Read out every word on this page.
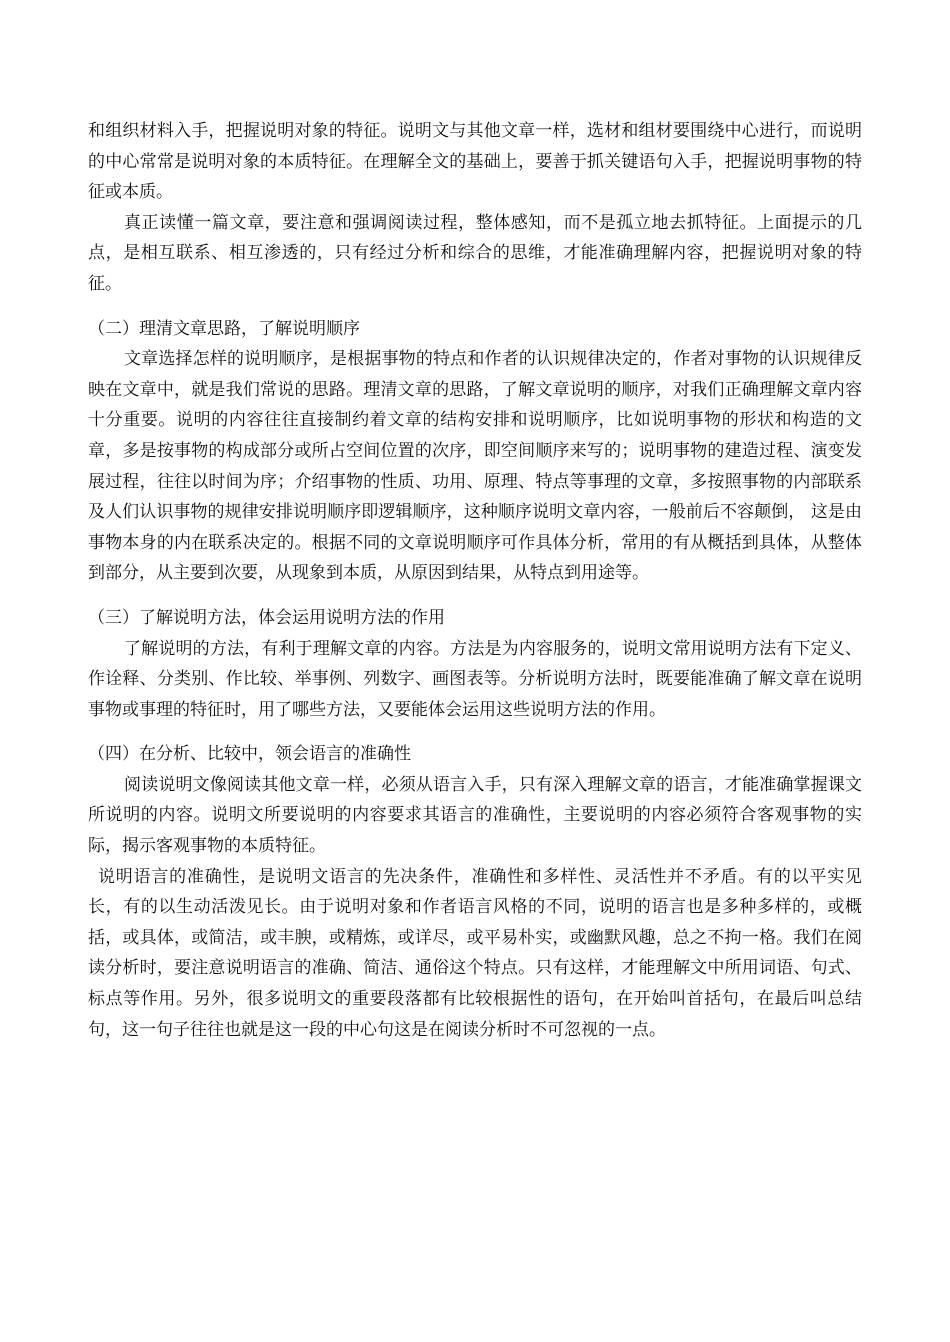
和组织材料入手，把握说明对象的特征。说明文与其他文章一样，选材和组材要围绕中心进行，而说明的中心常常是说明对象的本质特征。在理解全文的基础上，要善于抓关键语句入手，把握说明事物的特征或本质。

真正读懂一篇文章，要注意和强调阅读过程，整体感知，而不是孤立地去抓特征。上面提示的几点，是相互联系、相互渗透的，只有经过分析和综合的思维，才能准确理解内容，把握说明对象的特征。

（二）理清文章思路，了解说明顺序

文章选择怎样的说明顺序，是根据事物的特点和作者的认识规律决定的，作者对事物的认识规律反映在文章中，就是我们常说的思路。理清文章的思路，了解文章说明的顺序，对我们正确理解文章内容十分重要。说明的内容往往直接制约着文章的结构安排和说明顺序，比如说明事物的形状和构造的文章，多是按事物的构成部分或所占空间位置的次序，即空间顺序来写的；说明事物的建造过程、演变发展过程，往往以时间为序；介绍事物的性质、功用、原理、特点等事理的文章，多按照事物的内部联系及人们认识事物的规律安排说明顺序即逻辑顺序，这种顺序说明文章内容，一般前后不容颠倒， 这是由事物本身的内在联系决定的。根据不同的文章说明顺序可作具体分析，常用的有从概括到具体，从整体到部分，从主要到次要，从现象到本质，从原因到结果，从特点到用途等。

（三）了解说明方法，体会运用说明方法的作用

了解说明的方法，有利于理解文章的内容。方法是为内容服务的，说明文常用说明方法有下定义、作诠释、分类别、作比较、举事例、列数字、画图表等。分析说明方法时，既要能准确了解文章在说明事物或事理的特征时，用了哪些方法，又要能体会运用这些说明方法的作用。

（四）在分析、比较中，领会语言的准确性

阅读说明文像阅读其他文章一样，必须从语言入手，只有深入理解文章的语言，才能准确掌握课文所说明的内容。说明文所要说明的内容要求其语言的准确性，主要说明的内容必须符合客观事物的实际，揭示客观事物的本质特征。

说明语言的准确性，是说明文语言的先决条件，准确性和多样性、灵活性并不矛盾。有的以平实见长，有的以生动活泼见长。由于说明对象和作者语言风格的不同，说明的语言也是多种多样的，或概括，或具体，或简洁，或丰腴，或精炼，或详尽，或平易朴实，或幽默风趣，总之不拘一格。我们在阅读分析时，要注意说明语言的准确、简洁、通俗这个特点。只有这样，才能理解文中所用词语、句式、标点等作用。另外，很多说明文的重要段落都有比较根据性的语句，在开始叫首括句，在最后叫总结句，这一句子往往也就是这一段的中心句这是在阅读分析时不可忽视的一点。
